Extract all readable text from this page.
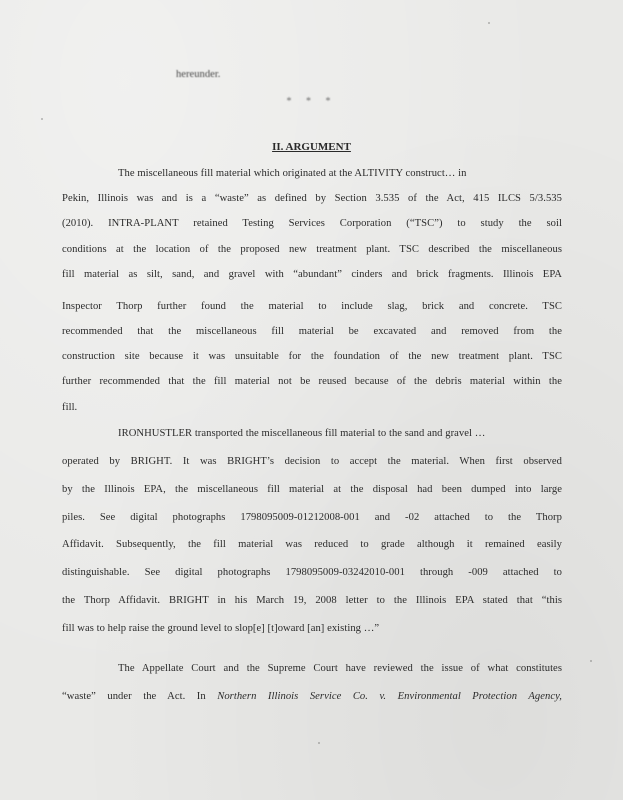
hereunder.
* * *
II. ARGUMENT
The miscellaneous fill material which originated at the ALTIVITY construct… in
Pekin, Illinois was and is a “waste” as defined by Section 3.535 of the Act, 415 ILCS 5/3.535
(2010). INTRA-PLANT retained Testing Services Corporation (“TSC”) to study the soil
conditions at the location of the proposed new treatment plant. TSC described the miscellaneous
fill material as silt, sand, and gravel with “abundant” cinders and brick fragments. Illinois EPA
Inspector Thorp further found the material to include slag, brick and concrete. TSC
recommended that the miscellaneous fill material be excavated and removed from the
construction site because it was unsuitable for the foundation of the new treatment plant. TSC
further recommended that the fill material not be reused because of the debris material within the
fill.
IRONHUSTLER transported the miscellaneous fill material to the sand and gravel …
operated by BRIGHT. It was BRIGHT’s decision to accept the material. When first observed
by the Illinois EPA, the miscellaneous fill material at the disposal had been dumped into large
piles. See digital photographs 1798095009-01212008-001 and -02 attached to the Thorp
Affidavit. Subsequently, the fill material was reduced to grade although it remained easily
distinguishable. See digital photographs 1798095009-03242010-001 through -009 attached to
the Thorp Affidavit. BRIGHT in his March 19, 2008 letter to the Illinois EPA stated that “this
fill was to help raise the ground level to slop[e] [t]oward [an] existing …”
The Appellate Court and the Supreme Court have reviewed the issue of what constitutes
“waste” under the Act. In Northern Illinois Service Co. v. Environmental Protection Agency,
